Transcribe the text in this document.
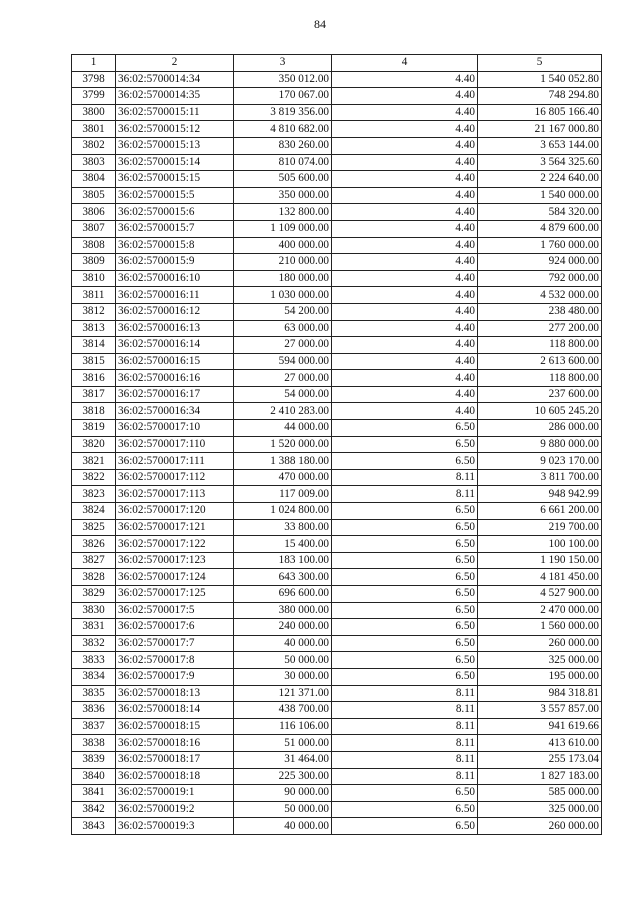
84
1	2	3	4	5
3798	36:02:5700014:34	350 012.00	4.40	1 540 052.80
3799	36:02:5700014:35	170 067.00	4.40	748 294.80
3800	36:02:5700015:11	3 819 356.00	4.40	16 805 166.40
3801	36:02:5700015:12	4 810 682.00	4.40	21 167 000.80
3802	36:02:5700015:13	830 260.00	4.40	3 653 144.00
3803	36:02:5700015:14	810 074.00	4.40	3 564 325.60
3804	36:02:5700015:15	505 600.00	4.40	2 224 640.00
3805	36:02:5700015:5	350 000.00	4.40	1 540 000.00
3806	36:02:5700015:6	132 800.00	4.40	584 320.00
3807	36:02:5700015:7	1 109 000.00	4.40	4 879 600.00
3808	36:02:5700015:8	400 000.00	4.40	1 760 000.00
3809	36:02:5700015:9	210 000.00	4.40	924 000.00
3810	36:02:5700016:10	180 000.00	4.40	792 000.00
3811	36:02:5700016:11	1 030 000.00	4.40	4 532 000.00
3812	36:02:5700016:12	54 200.00	4.40	238 480.00
3813	36:02:5700016:13	63 000.00	4.40	277 200.00
3814	36:02:5700016:14	27 000.00	4.40	118 800.00
3815	36:02:5700016:15	594 000.00	4.40	2 613 600.00
3816	36:02:5700016:16	27 000.00	4.40	118 800.00
3817	36:02:5700016:17	54 000.00	4.40	237 600.00
3818	36:02:5700016:34	2 410 283.00	4.40	10 605 245.20
3819	36:02:5700017:10	44 000.00	6.50	286 000.00
3820	36:02:5700017:110	1 520 000.00	6.50	9 880 000.00
3821	36:02:5700017:111	1 388 180.00	6.50	9 023 170.00
3822	36:02:5700017:112	470 000.00	8.11	3 811 700.00
3823	36:02:5700017:113	117 009.00	8.11	948 942.99
3824	36:02:5700017:120	1 024 800.00	6.50	6 661 200.00
3825	36:02:5700017:121	33 800.00	6.50	219 700.00
3826	36:02:5700017:122	15 400.00	6.50	100 100.00
3827	36:02:5700017:123	183 100.00	6.50	1 190 150.00
3828	36:02:5700017:124	643 300.00	6.50	4 181 450.00
3829	36:02:5700017:125	696 600.00	6.50	4 527 900.00
3830	36:02:5700017:5	380 000.00	6.50	2 470 000.00
3831	36:02:5700017:6	240 000.00	6.50	1 560 000.00
3832	36:02:5700017:7	40 000.00	6.50	260 000.00
3833	36:02:5700017:8	50 000.00	6.50	325 000.00
3834	36:02:5700017:9	30 000.00	6.50	195 000.00
3835	36:02:5700018:13	121 371.00	8.11	984 318.81
3836	36:02:5700018:14	438 700.00	8.11	3 557 857.00
3837	36:02:5700018:15	116 106.00	8.11	941 619.66
3838	36:02:5700018:16	51 000.00	8.11	413 610.00
3839	36:02:5700018:17	31 464.00	8.11	255 173.04
3840	36:02:5700018:18	225 300.00	8.11	1 827 183.00
3841	36:02:5700019:1	90 000.00	6.50	585 000.00
3842	36:02:5700019:2	50 000.00	6.50	325 000.00
3843	36:02:5700019:3	40 000.00	6.50	260 000.00
